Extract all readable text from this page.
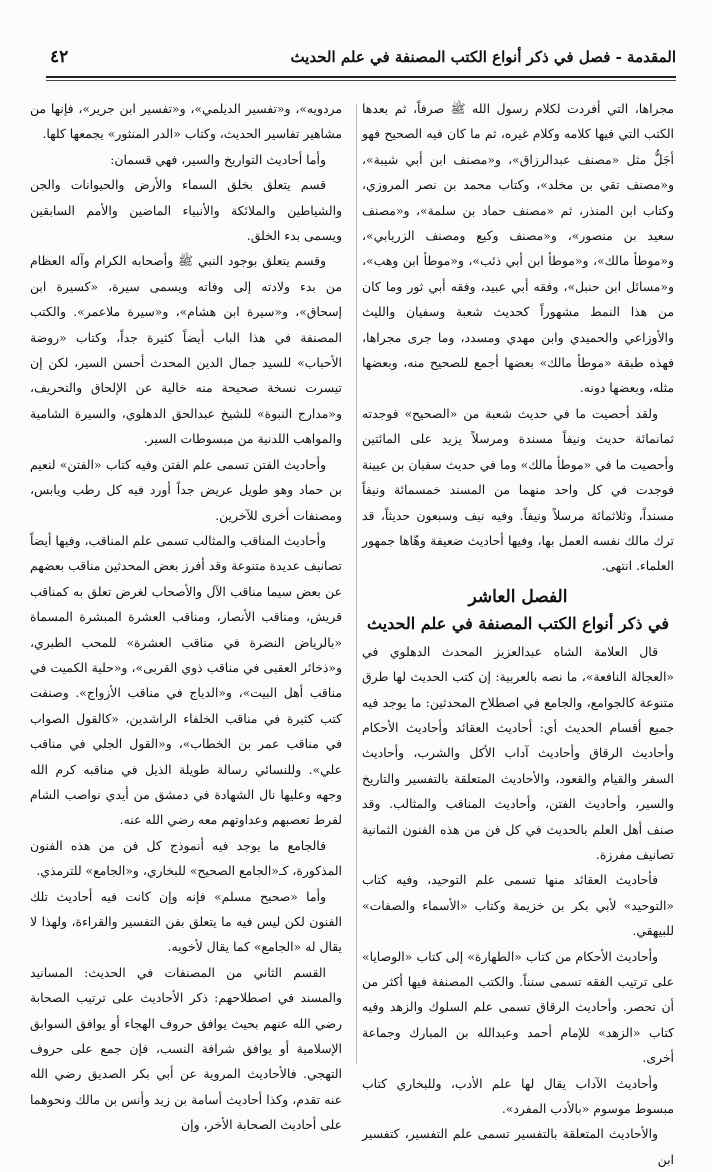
المقدمة - فصل في ذكر أنواع الكتب المصنفة في علم الحديث
٤٢

مجراها، التي أفردت لكلام رسول الله ﷺ صرفاً، ثم بعدها الكتب التي فيها كلامه وكلام غيره، ثم ما كان فيه الصحيح فهو أجَلُّ مثل «مصنف عبدالرزاق»، و«مصنف ابن أبي شيبة»، و«مصنف تقي بن مخلد»، وكتاب محمد بن نصر المروزي، وكتاب ابن المنذر، ثم «مصنف حماد بن سلمة»، و«مصنف سعيد بن منصور»، و«مصنف وكيع ومصنف الزريابي»، و«موطأ مالك»، و«موطأ ابن أبي ذئب»، و«موطأ ابن وهب»، و«مسائل ابن حنبل»، وفقه أبي عبيد، وفقه أبي ثور وما كان من هذا النمط مشهوراً كحديث شعبة وسفيان والليث والأوزاعي والحميدي وابن مهدي ومسدد، وما جرى مجراها، فهذه طبقة «موطأ مالك» بعضها أجمع للصحيح منه، وبعضها مثله، وبعضها دونه.

ولقد أحصيت ما في حديث شعبة من «الصحيح» فوجدته ثمانمائة حديث ونيفاً مسندة ومرسلاً يزيد على المائتين وأحصيت ما في «موطأ مالك» وما في حديث سفيان بن عيينة فوجدت في كل واحد منهما من المسند خمسمائة ونيفاً مسنداً، وثلاثمائة مرسلاً ونيفاً. وفيه نيف وسبعون حديثاً، قد ترك مالك نفسه العمل بها، وفيها أحاديث ضعيفة وهّاها جمهور العلماء. انتهى.

الفصل العاشر
في ذكر أنواع الكتب المصنفة في علم الحديث

قال العلامة الشاه عبدالعزيز المحدث الدهلوي في «العجالة النافعة»، ما نصه بالعربية: إن كتب الحديث لها طرق متنوعة كالجوامع، والجامع في اصطلاح المحدثين: ما يوجد فيه جميع أقسام الحديث أي: أحاديث العقائد وأحاديث الأحكام وأحاديث الرقاق وأحاديث آداب الأكل والشرب، وأحاديث السفر والقيام والقعود، والأحاديث المتعلقة بالتفسير والتاريخ والسير، وأحاديث الفتن، وأحاديث المناقب والمثالب. وقد صنف أهل العلم بالحديث في كل فن من هذه الفنون الثمانية تصانيف مفرزة.

فأحاديث العقائد منها تسمى علم التوحيد، وفيه كتاب «التوحيد» لأبي بكر بن خزيمة وكتاب «الأسماء والصفات» للبيهقي.

وأحاديث الأحكام من كتاب «الطهارة» إلى كتاب «الوصايا» على ترتيب الفقه تسمى سنناً. والكتب المصنفة فيها أكثر من أن تحصر. وأحاديث الرقاق تسمى علم السلوك والزهد وفيه كتاب «الزهد» للإمام أحمد وعبدالله بن المبارك وجماعة أخرى.

وأحاديث الآداب يقال لها علم الأدب، وللبخاري كتاب مبسوط موسوم «بالأدب المفرد».

والأحاديث المتعلقة بالتفسير تسمى علم التفسير، كتفسير ابن

مردويه»، و«تفسير الديلمي»، و«تفسير ابن جرير»، فإنها من مشاهير تفاسير الحديث، وكتاب «الدر المنثور» يجمعها كلها.

وأما أحاديث التواريخ والسير، فهي قسمان:

قسم يتعلق بخلق السماء والأرض والحيوانات والجن والشياطين والملائكة والأنبياء الماضين والأمم السابقين ويسمى بدء الخلق.

وقسم يتعلق بوجود النبي ﷺ وأصحابه الكرام وآله العظام من بدء ولادته إلى وفاته ويسمى سيرة، «كسيرة ابن إسحاق»، و«سيرة ابن هشام»، و«سيرة ملاعمر». والكتب المصنفة في هذا الباب أيضاً كثيرة جداً، وكتاب «روضة الأحباب» للسيد جمال الدين المحدث أحسن السير، لكن إن تيسرت نسخة صحيحة منه خالية عن الإلحاق والتحريف، و«مدارج النبوة» للشيخ عبدالحق الدهلوي، والسيرة الشامية والمواهب اللدنية من مبسوطات السير.

وأحاديث الفتن تسمى علم الفتن وفيه كتاب «الفتن» لنعيم بن حماد وهو طويل عريض جداً أورد فيه كل رطب ويابس، ومصنفات أخرى للآخرين.

وأحاديث المناقب والمثالب تسمى علم المناقب، وفيها أيضاً تصانيف عديدة متنوعة وقد أفرز بعض المحدثين مناقب بعضهم عن بعض سيما مناقب الآل والأصحاب لغرض تعلق به كمناقب قريش، ومناقب الأنصار، ومناقب العشرة المبشرة المسماة «بالرياض النضرة في مناقب العشرة» للمحب الطبري، و«ذخائر العقبى في مناقب ذوي القربى»، و«حلية الكميت في مناقب أهل البيت»، و«الدياج في مناقب الأزواج». وصنفت كتب كثيرة في مناقب الخلفاء الراشدين، «كالقول الصواب في مناقب عمر بن الخطاب»، و«القول الجلي في مناقب علي». وللنسائي رسالة طويلة الذيل في مناقبه كرم الله وجهه وعليها نال الشهادة في دمشق من أيدي نواصب الشام لفرط تعصبهم وعداوتهم معه رضي الله عنه.

فالجامع ما يوجد فيه أنموذج كل فن من هذه الفنون المذكورة، كـ«الجامع الصحيح» للبخاري، و«الجامع» للترمذي.

وأما «صحيح مسلم» فإنه وإن كانت فيه أحاديث تلك الفنون لكن ليس فيه ما يتعلق بفن التفسير والقراءة، ولهذا لا يقال له «الجامع» كما يقال لأخويه.

القسم الثاني من المصنفات في الحديث: المسانيد والمسند في اصطلاحهم: ذكر الأحاديث على ترتيب الصحابة رضي الله عنهم بحيث يوافق حروف الهجاء أو يوافق السوابق الإسلامية أو يوافق شرافة النسب، فإن جمع على حروف التهجي. فالأحاديث المروية عن أبي بكر الصديق رضي الله عنه تقدم، وكذا أحاديث أسامة بن زيد وأنس بن مالك ونحوهما على أحاديث الصحابة الأخر، وإن
